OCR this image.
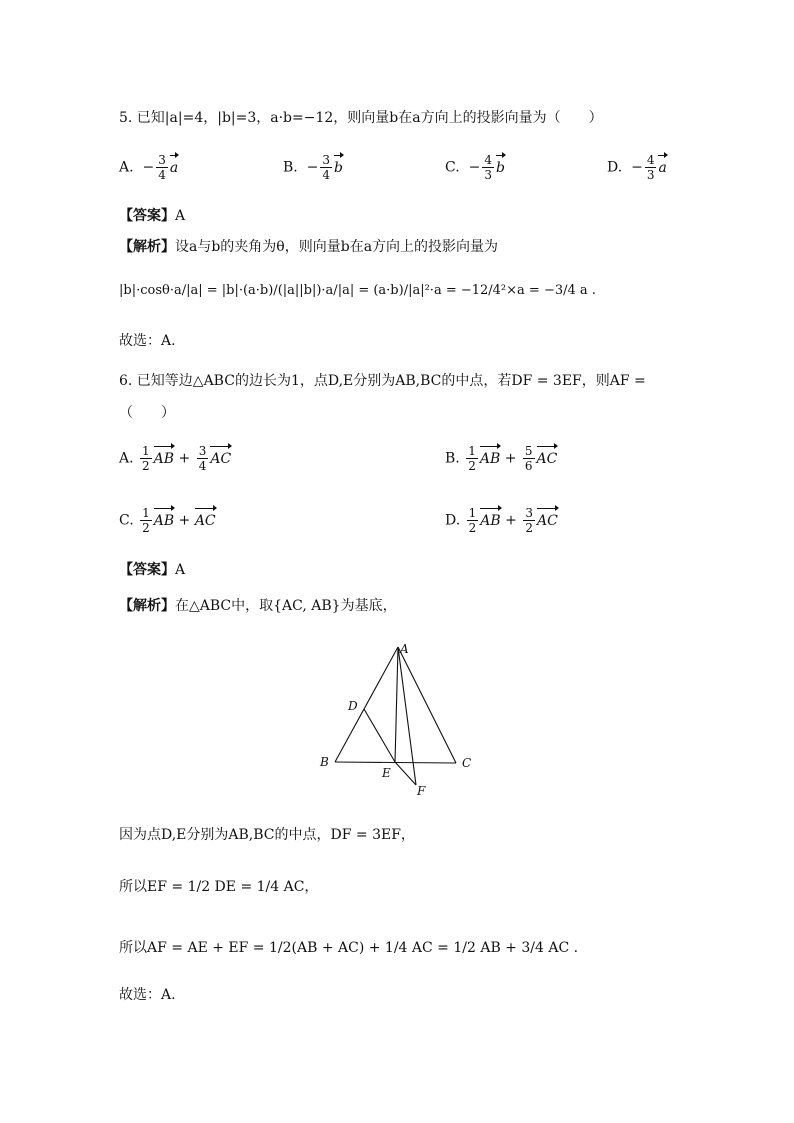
5. 已知|a|=4，|b|=3，a·b=−12，则向量b在a方向上的投影向量为（　　）
A.  − $\frac{3}{4}$ a	B.  − $\frac{3}{4}$ b	C.  − $\frac{4}{3}$ b	D.  − $\frac{4}{3}$ a
【答案】A
【解析】设a与b的夹角为θ，则向量b在a方向上的投影向量为
|b|·cosθ·a/|a| = |b|·(a·b)/(|a||b|)·a/|a| = (a·b)/|a|²·a = −12/4²×a = −3/4 a .
故选：A.
6. 已知等边△ABC的边长为1，点D,E分别为AB,BC的中点，若DF = 3EF，则AF =
（　　）
A. $\frac{1}{2}$ AB + $\frac{3}{4}$ AC	B. $\frac{1}{2}$ AB + $\frac{5}{6}$ AC
C. $\frac{1}{2}$ AB + AC	D. $\frac{1}{2}$ AB + $\frac{3}{2}$ AC
【答案】A
【解析】在△ABC中，取{AC, AB}为基底，
A
D
B
E
C
F
因为点D,E分别为AB,BC的中点，DF = 3EF，
所以EF = 1/2 DE = 1/4 AC，
所以AF = AE + EF = 1/2(AB + AC) + 1/4 AC = 1/2 AB + 3/4 AC .
故选：A.
